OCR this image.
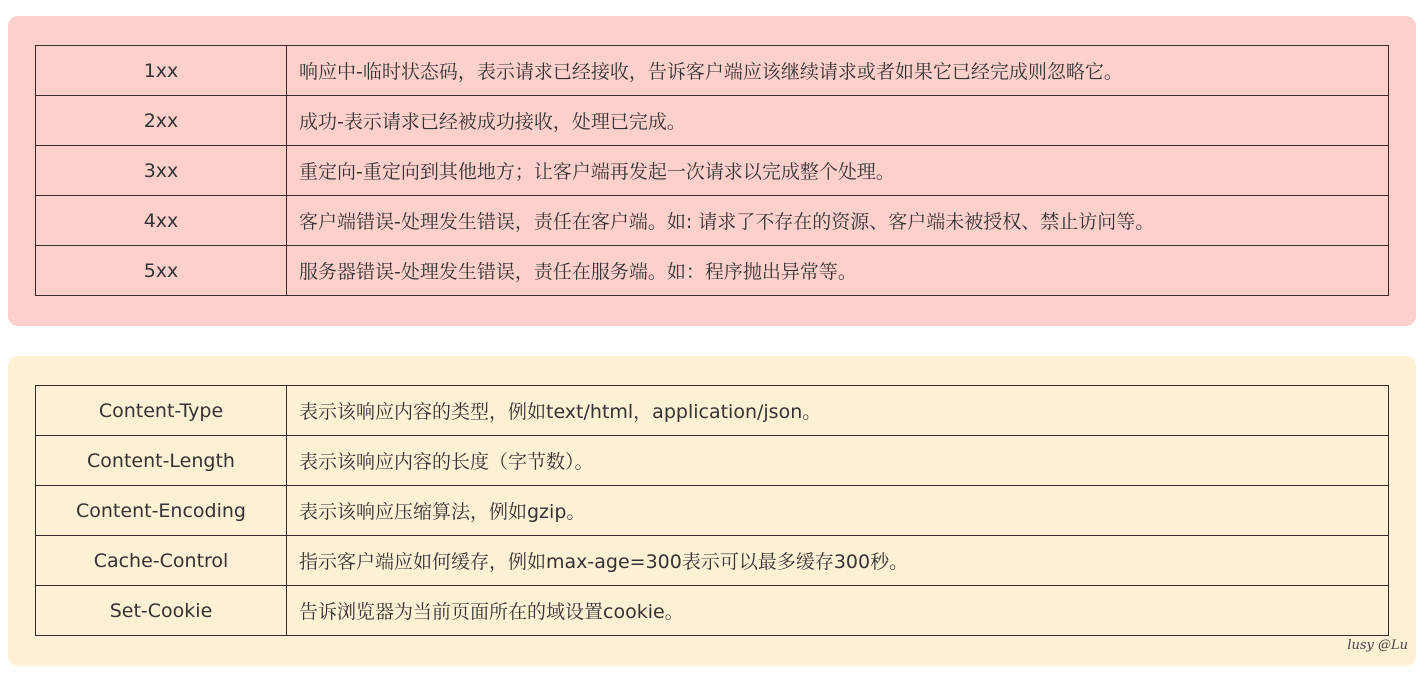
1xx	响应中-临时状态码，表示请求已经接收，告诉客户端应该继续请求或者如果它已经完成则忽略它。
2xx	成功-表示请求已经被成功接收，处理已完成。
3xx	重定向-重定向到其他地方；让客户端再发起一次请求以完成整个处理。
4xx	客户端错误-处理发生错误，责任在客户端。如: 请求了不存在的资源、客户端未被授权、禁止访问等。
5xx	服务器错误-处理发生错误，责任在服务端。如：程序抛出异常等。
Content-Type	表示该响应内容的类型，例如text/html，application/json。
Content-Length	表示该响应内容的长度（字节数）。
Content-Encoding	表示该响应压缩算法，例如gzip。
Cache-Control	指示客户端应如何缓存，例如max-age=300表示可以最多缓存300秒。
Set-Cookie	告诉浏览器为当前页面所在的域设置cookie。
lusy @Lu
